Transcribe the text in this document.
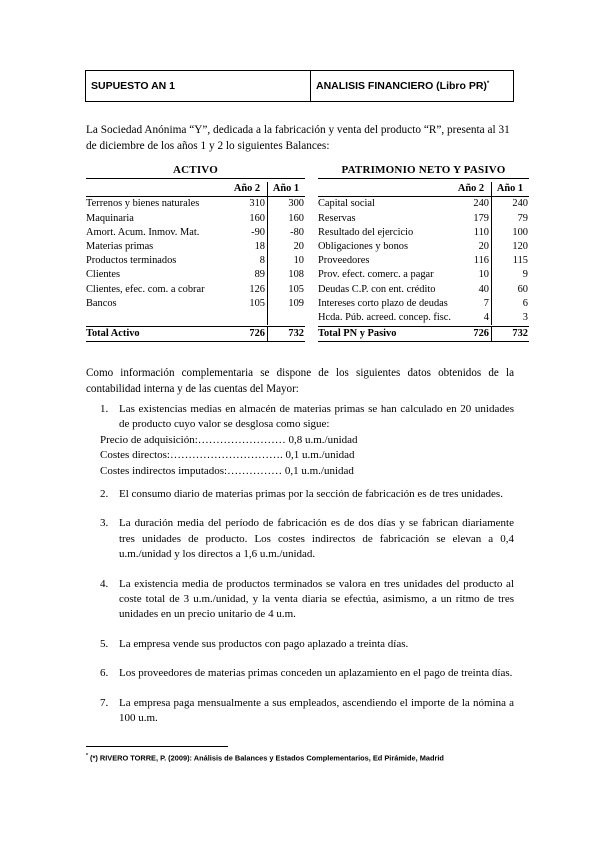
SUPUESTO AN 1	ANALISIS FINANCIERO (Libro PR)*
La Sociedad Anónima “Y”, dedicada a la fabricación y venta del producto “R”, presenta al 31 de diciembre de los años 1 y 2 lo siguientes Balances:
ACTIVO
Año 2	Año 1
Terrenos y bienes naturales	310	300
Maquinaria	160	160
Amort. Acum. Inmov. Mat.	-90	-80
Materias primas	18	20
Productos terminados	8	10
Clientes	89	108
Clientes, efec. com. a cobrar	126	105
Bancos	105	109

Total Activo	726	732
PATRIMONIO NETO Y PASIVO
Año 2	Año 1
Capital social	240	240
Reservas	179	79
Resultado del ejercicio	110	100
Obligaciones y bonos	20	120
Proveedores	116	115
Prov. efect. comerc. a pagar	10	9
Deudas C.P. con ent. crédito	40	60
Intereses corto plazo de deudas	7	6
Hcda. Púb. acreed. concep. fisc.	4	3
Total PN y Pasivo	726	732
Como información complementaria se dispone de los siguientes datos obtenidos de la contabilidad interna y de las cuentas del Mayor:
1. Las existencias medias en almacén de materias primas se han calculado en 20 unidades de producto cuyo valor se desglosa como sigue:
Precio de adquisición:…………………… 0,8 u.m./unidad
Costes directos:…………………………. 0,1 u.m./unidad
Costes indirectos imputados:…………… 0,1 u.m./unidad
2. El consumo diario de materias primas por la sección de fabricación es de tres unidades.
3. La duración media del período de fabricación es de dos días y se fabrican diariamente tres unidades de producto. Los costes indirectos de fabricación se elevan a 0,4 u.m./unidad y los directos a 1,6 u.m./unidad.
4. La existencia media de productos terminados se valora en tres unidades del producto al coste total de 3 u.m./unidad, y la venta diaria se efectúa, asimismo, a un ritmo de tres unidades en un precio unitario de 4 u.m.
5. La empresa vende sus productos con pago aplazado a treinta días.
6. Los proveedores de materias primas conceden un aplazamiento en el pago de treinta días.
7. La empresa paga mensualmente a sus empleados, ascendiendo el importe de la nómina a 100 u.m.
* (*) RIVERO TORRE, P. (2009): Análisis de Balances y Estados Complementarios, Ed Pirámide, Madrid
